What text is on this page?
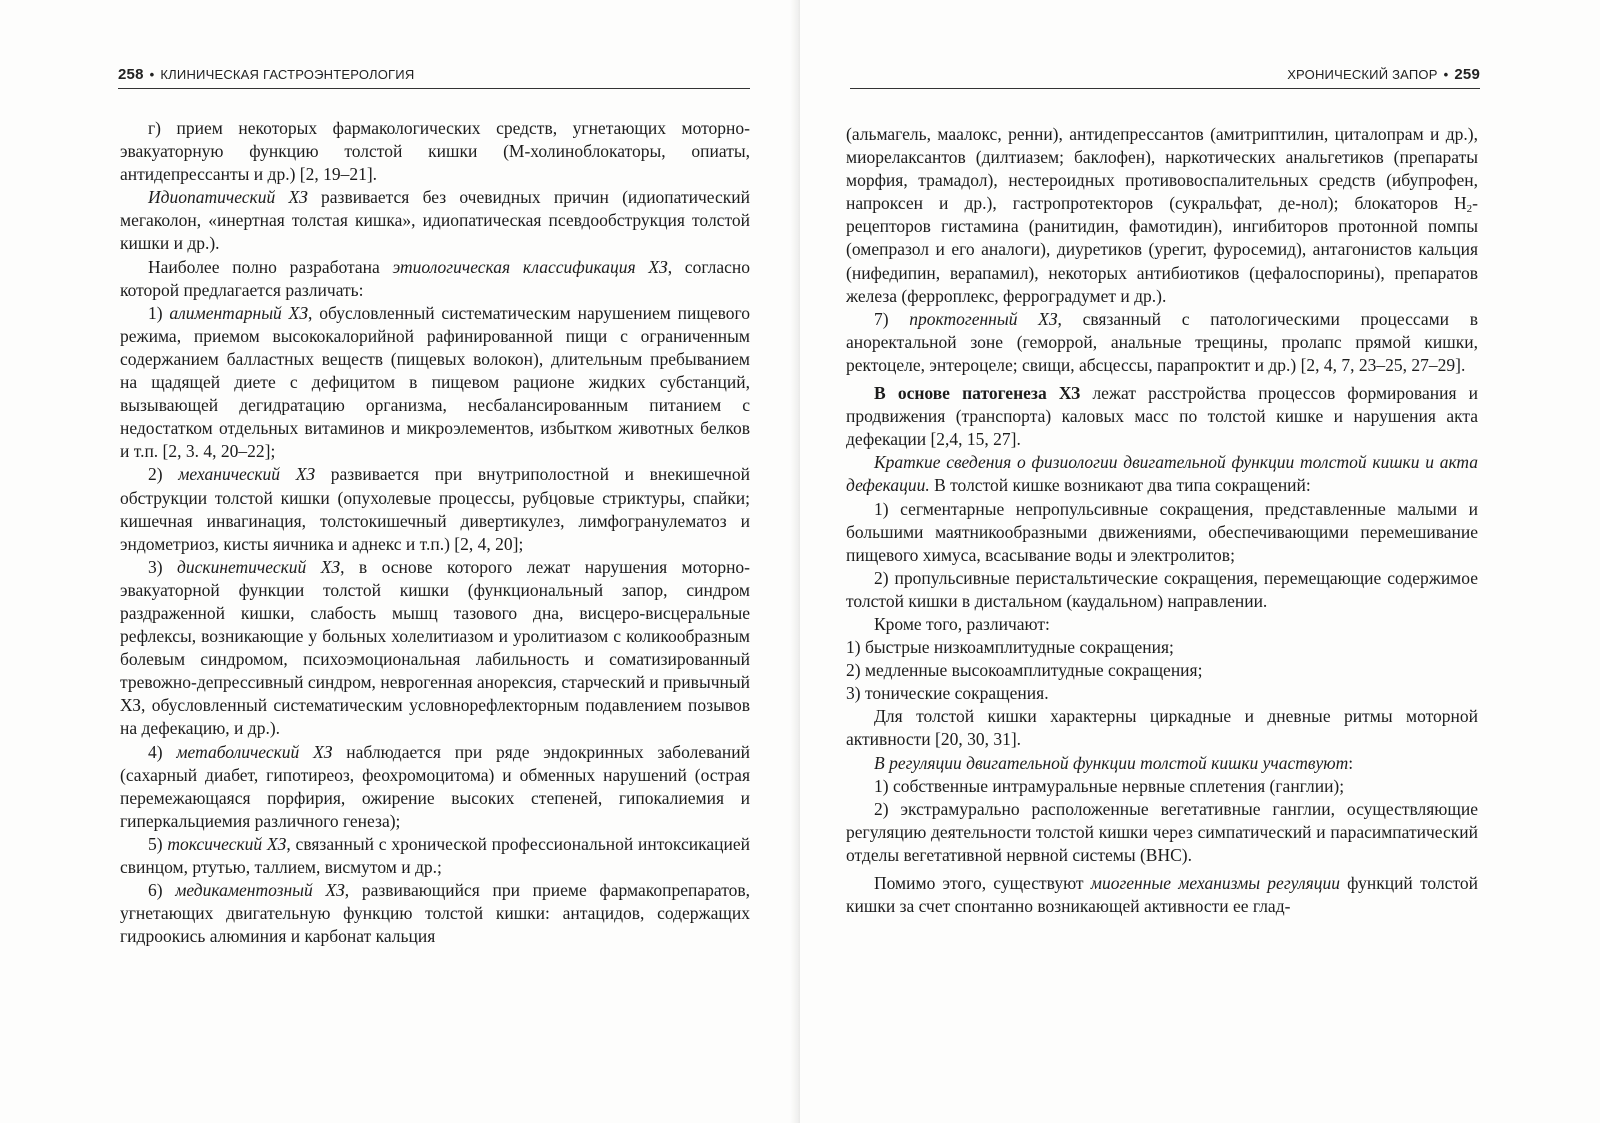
258 • КЛИНИЧЕСКАЯ ГАСТРОЭНТЕРОЛОГИЯ

г) прием некоторых фармакологических средств, угнетающих моторно-эвакуаторную функцию толстой кишки (М-холиноблокаторы, опиаты, антидепрессанты и др.) [2, 19–21].

Идиопатический ХЗ развивается без очевидных причин (идиопатический мегаколон, «инертная толстая кишка», идиопатическая псевдообструкция толстой кишки и др.).

Наиболее полно разработана этиологическая классификация ХЗ, согласно которой предлагается различать:

1) алиментарный ХЗ, обусловленный систематическим нарушением пищевого режима, приемом высококалорийной рафинированной пищи с ограниченным содержанием балластных веществ (пищевых волокон), длительным пребыванием на щадящей диете с дефицитом в пищевом рационе жидких субстанций, вызывающей дегидратацию организма, несбалансированным питанием с недостатком отдельных витаминов и микроэлементов, избытком животных белков и т.п. [2, 3. 4, 20–22];

2) механический ХЗ развивается при внутриполостной и внекишечной обструкции толстой кишки (опухолевые процессы, рубцовые стриктуры, спайки; кишечная инвагинация, толстокишечный дивертикулез, лимфогранулематоз и эндометриоз, кисты яичника и аднекс и т.п.) [2, 4, 20];

3) дискинетический ХЗ, в основе которого лежат нарушения моторно-эвакуаторной функции толстой кишки (функциональный запор, синдром раздраженной кишки, слабость мышц тазового дна, висцеро-висцеральные рефлексы, возникающие у больных холелитиазом и уролитиазом с коликообразным болевым синдромом, психоэмоциональная лабильность и соматизированный тревожно-депрессивный синдром, неврогенная анорексия, старческий и привычный ХЗ, обусловленный систематическим условнорефлекторным подавлением позывов на дефекацию, и др.).

4) метаболический ХЗ наблюдается при ряде эндокринных заболеваний (сахарный диабет, гипотиреоз, феохромоцитома) и обменных нарушений (острая перемежающаяся порфирия, ожирение высоких степеней, гипокалиемия и гиперкальциемия различного генеза);

5) токсический ХЗ, связанный с хронической профессиональной интоксикацией свинцом, ртутью, таллием, висмутом и др.;

6) медикаментозный ХЗ, развивающийся при приеме фармакопрепаратов, угнетающих двигательную функцию толстой кишки: антацидов, содержащих гидроокись алюминия и карбонат кальция

ХРОНИЧЕСКИЙ ЗАПОР • 259

(альмагель, маалокс, ренни), антидепрессантов (амитриптилин, циталопрам и др.), миорелаксантов (дилтиазем; баклофен), наркотических анальгетиков (препараты морфия, трамадол), нестероидных противовоспалительных средств (ибупрофен, напроксен и др.), гастропротекторов (сукральфат, де-нол); блокаторов $Н_2$-рецепторов гистамина (ранитидин, фамотидин), ингибиторов протонной помпы (омепразол и его аналоги), диуретиков (урегит, фуросемид), антагонистов кальция (нифедипин, верапамил), некоторых антибиотиков (цефалоспорины), препаратов железа (ферроплекс, ферроградумет и др.).

7) проктогенный ХЗ, связанный с патологическими процессами в аноректальной зоне (геморрой, анальные трещины, пролапс прямой кишки, ректоцеле, энтероцеле; свищи, абсцессы, парапроктит и др.) [2, 4, 7, 23–25, 27–29].

В основе патогенеза ХЗ лежат расстройства процессов формирования и продвижения (транспорта) каловых масс по толстой кишке и нарушения акта дефекации [2,4, 15, 27].

Краткие сведения о физиологии двигательной функции толстой кишки и акта дефекации. В толстой кишке возникают два типа сокращений:

1) сегментарные непропульсивные сокращения, представленные малыми и большими маятникообразными движениями, обеспечивающими перемешивание пищевого химуса, всасывание воды и электролитов;

2) пропульсивные перистальтические сокращения, перемещающие содержимое толстой кишки в дистальном (каудальном) направлении.

Кроме того, различают:

1) быстрые низкоамплитудные сокращения;

2) медленные высокоамплитудные сокращения;

3) тонические сокращения.

Для толстой кишки характерны циркадные и дневные ритмы моторной активности [20, 30, 31].

В регуляции двигательной функции толстой кишки участвуют:

1) собственные интрамуральные нервные сплетения (ганглии);

2) экстрамурально расположенные вегетативные ганглии, осуществляющие регуляцию деятельности толстой кишки через симпатический и парасимпатический отделы вегетативной нервной системы (ВНС).

Помимо этого, существуют миогенные механизмы регуляции функций толстой кишки за счет спонтанно возникающей активности ее глад-
